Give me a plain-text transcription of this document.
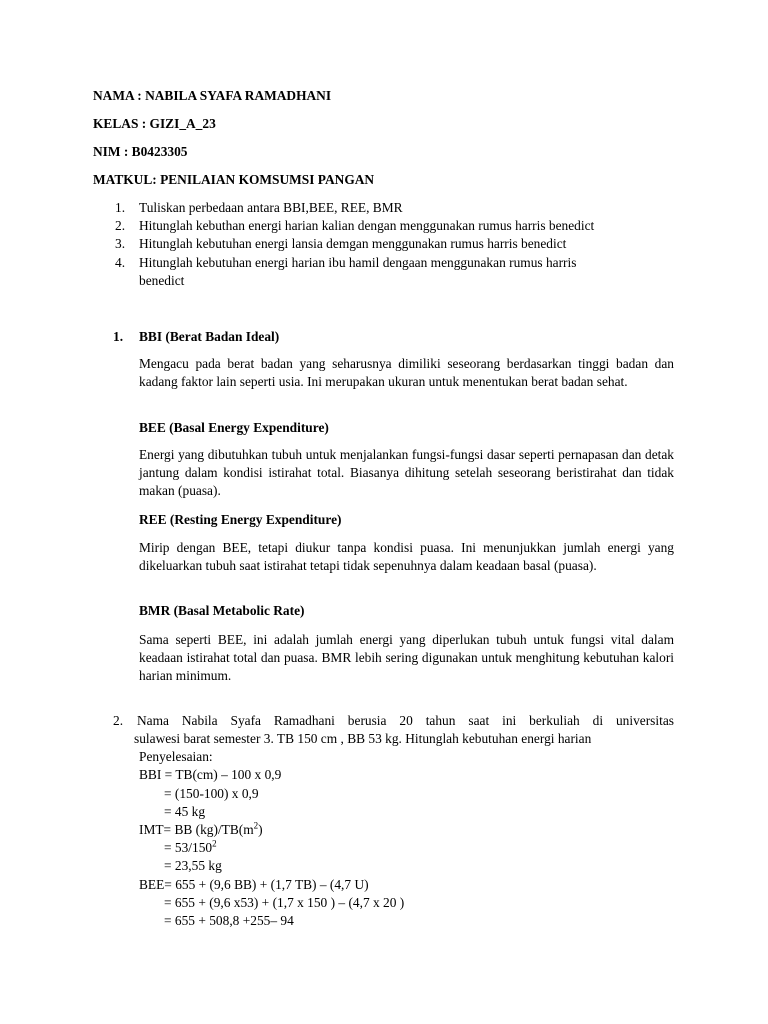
NAMA : NABILA SYAFA RAMADHANI
KELAS : GIZI_A_23
NIM : B0423305
MATKUL: PENILAIAN KOMSUMSI PANGAN
1. Tuliskan perbedaan antara BBI,BEE, REE, BMR
2. Hitunglah kebuthan energi harian kalian dengan menggunakan rumus harris benedict
3. Hitunglah kebutuhan energi lansia demgan menggunakan rumus harris benedict
4. Hitunglah kebutuhan energi harian ibu hamil dengaan menggunakan rumus harris
benedict
1. BBI (Berat Badan Ideal)
Mengacu pada berat badan yang seharusnya dimiliki seseorang berdasarkan tinggi badan dan kadang faktor lain seperti usia. Ini merupakan ukuran untuk menentukan berat badan sehat.
BEE (Basal Energy Expenditure)
Energi yang dibutuhkan tubuh untuk menjalankan fungsi-fungsi dasar seperti pernapasan dan detak jantung dalam kondisi istirahat total. Biasanya dihitung setelah seseorang beristirahat dan tidak makan (puasa).
REE (Resting Energy Expenditure)
Mirip dengan BEE, tetapi diukur tanpa kondisi puasa. Ini menunjukkan jumlah energi yang dikeluarkan tubuh saat istirahat tetapi tidak sepenuhnya dalam keadaan basal (puasa).
BMR (Basal Metabolic Rate)
Sama seperti BEE, ini adalah jumlah energi yang diperlukan tubuh untuk fungsi vital dalam keadaan istirahat total dan puasa. BMR lebih sering digunakan untuk menghitung kebutuhan kalori harian minimum.
2. Nama Nabila Syafa Ramadhani berusia 20 tahun saat ini berkuliah di universitas
sulawesi barat semester 3. TB 150 cm , BB 53 kg. Hitunglah kebutuhan energi harian
Penyelesaian:
BBI = TB(cm) – 100 x 0,9
= (150-100) x 0,9
= 45 kg
IMT= BB $(kg)/TB(m^2)$
= $53/150^2$
= 23,55 kg
BEE= 655 + (9,6 BB) + (1,7 TB) – (4,7 U)
= 655 + (9,6 x53) + (1,7 x 150 ) – (4,7 x 20 )
= 655 + 508,8 +255– 94
